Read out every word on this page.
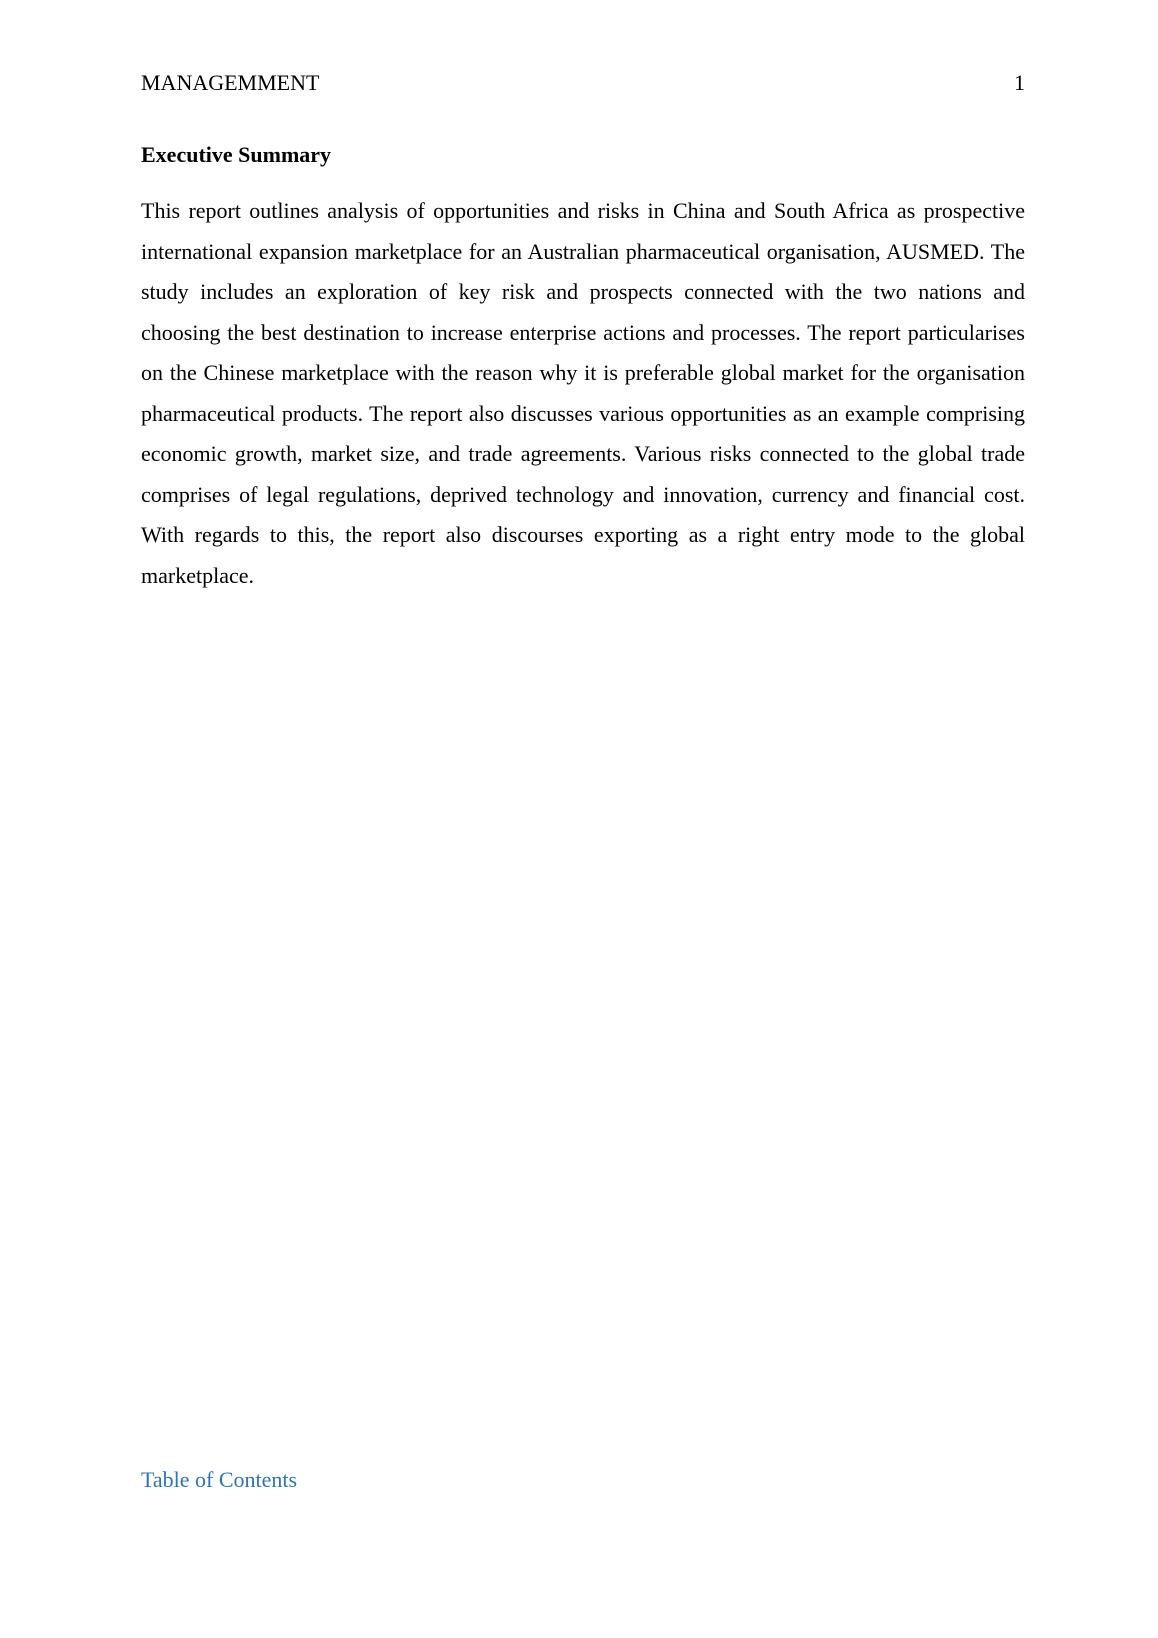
MANAGEMMENT	1
Executive Summary

This report outlines analysis of opportunities and risks in China and South Africa as prospective international expansion marketplace for an Australian pharmaceutical organisation, AUSMED. The study includes an exploration of key risk and prospects connected with the two nations and choosing the best destination to increase enterprise actions and processes. The report particularises on the Chinese marketplace with the reason why it is preferable global market for the organisation pharmaceutical products. The report also discusses various opportunities as an example comprising economic growth, market size, and trade agreements. Various risks connected to the global trade comprises of legal regulations, deprived technology and innovation, currency and financial cost. With regards to this, the report also discourses exporting as a right entry mode to the global marketplace.

Table of Contents
